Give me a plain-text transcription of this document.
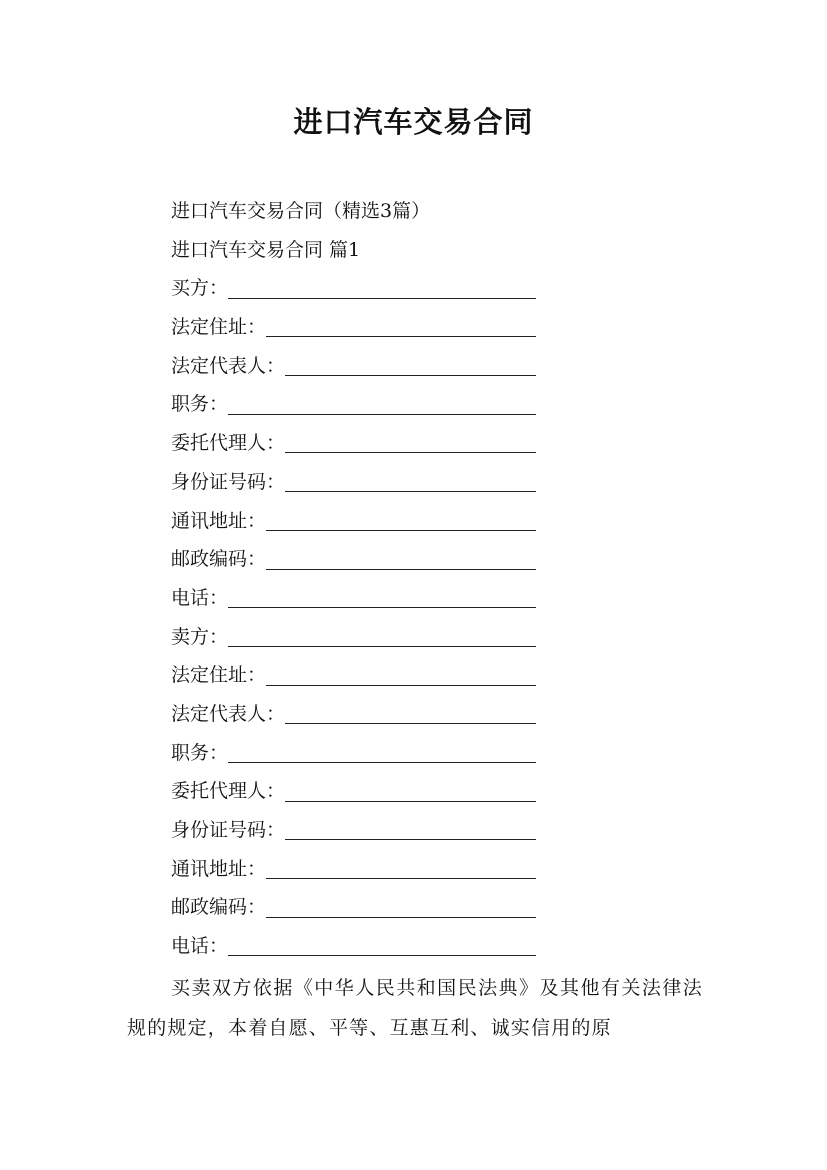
进口汽车交易合同
进口汽车交易合同（精选3篇）
进口汽车交易合同 篇1
买方：
法定住址：
法定代表人：
职务：
委托代理人：
身份证号码：
通讯地址：
邮政编码：
电话：
卖方：
法定住址：
法定代表人：
职务：
委托代理人：
身份证号码：
通讯地址：
邮政编码：
电话：
买卖双方依据《中华人民共和国民法典》及其他有关法律法规的规定，本着自愿、平等、互惠互利、诚实信用的原
